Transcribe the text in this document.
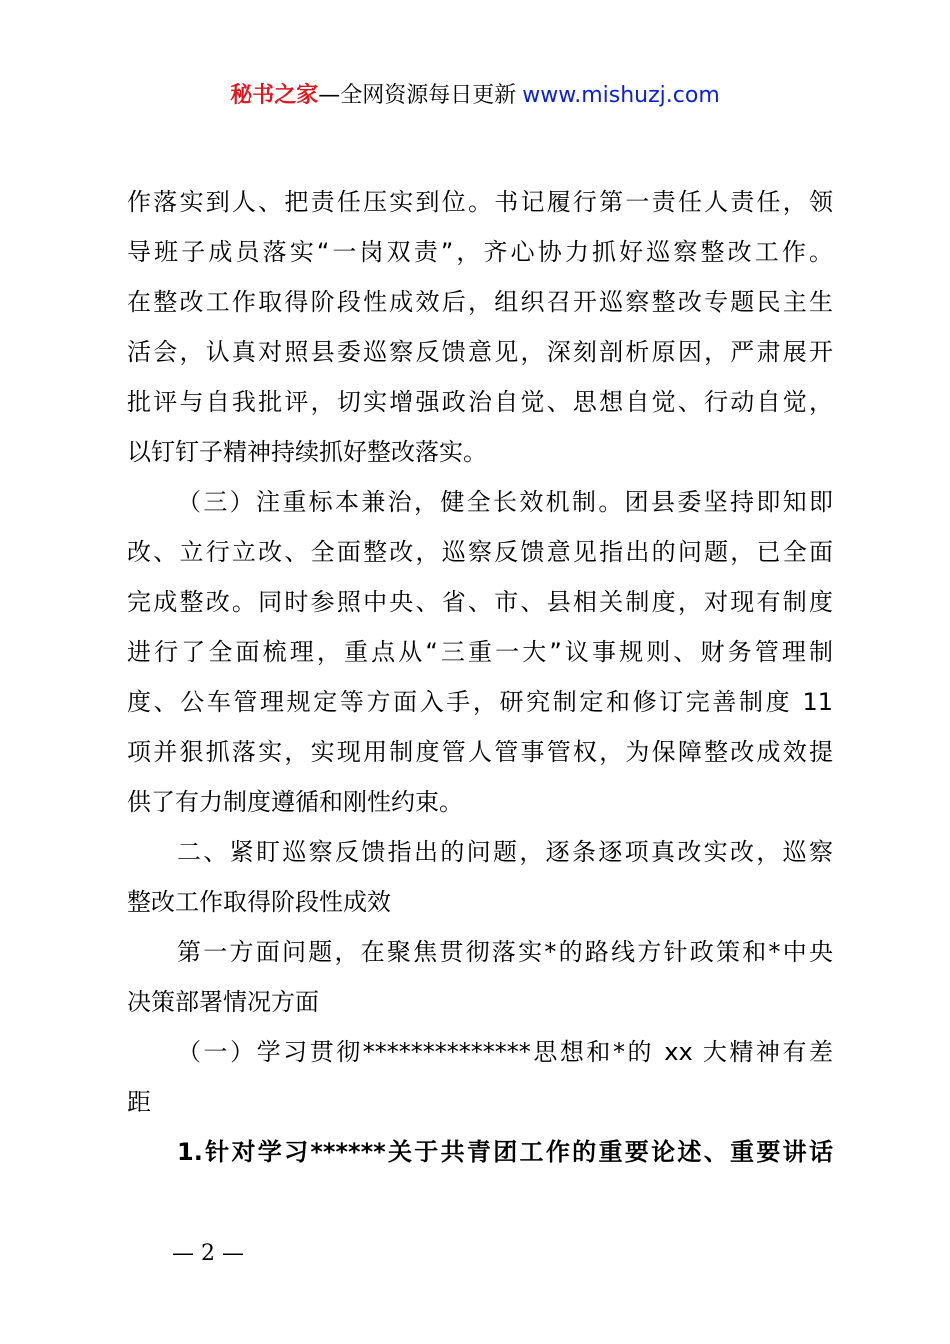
秘书之家—全网资源每日更新 www.mishuzj.com
作落实到人、把责任压实到位。书记履行第一责任人责任，领
导班子成员落实“一岗双责”，齐心协力抓好巡察整改工作。
在整改工作取得阶段性成效后，组织召开巡察整改专题民主生
活会，认真对照县委巡察反馈意见，深刻剖析原因，严肃展开
批评与自我批评，切实增强政治自觉、思想自觉、行动自觉，
以钉钉子精神持续抓好整改落实。
（三）注重标本兼治，健全长效机制。团县委坚持即知即
改、立行立改、全面整改，巡察反馈意见指出的问题，已全面
完成整改。同时参照中央、省、市、县相关制度，对现有制度
进行了全面梳理，重点从“三重一大”议事规则、财务管理制
度、公车管理规定等方面入手，研究制定和修订完善制度 11
项并狠抓落实，实现用制度管人管事管权，为保障整改成效提
供了有力制度遵循和刚性约束。
二、紧盯巡察反馈指出的问题，逐条逐项真改实改，巡察
整改工作取得阶段性成效
第一方面问题，在聚焦贯彻落实*的路线方针政策和*中央
决策部署情况方面
（一）学习贯彻**************思想和*的 xx 大精神有差
距
1.针对学习******关于共青团工作的重要论述、重要讲话
— 2 —
